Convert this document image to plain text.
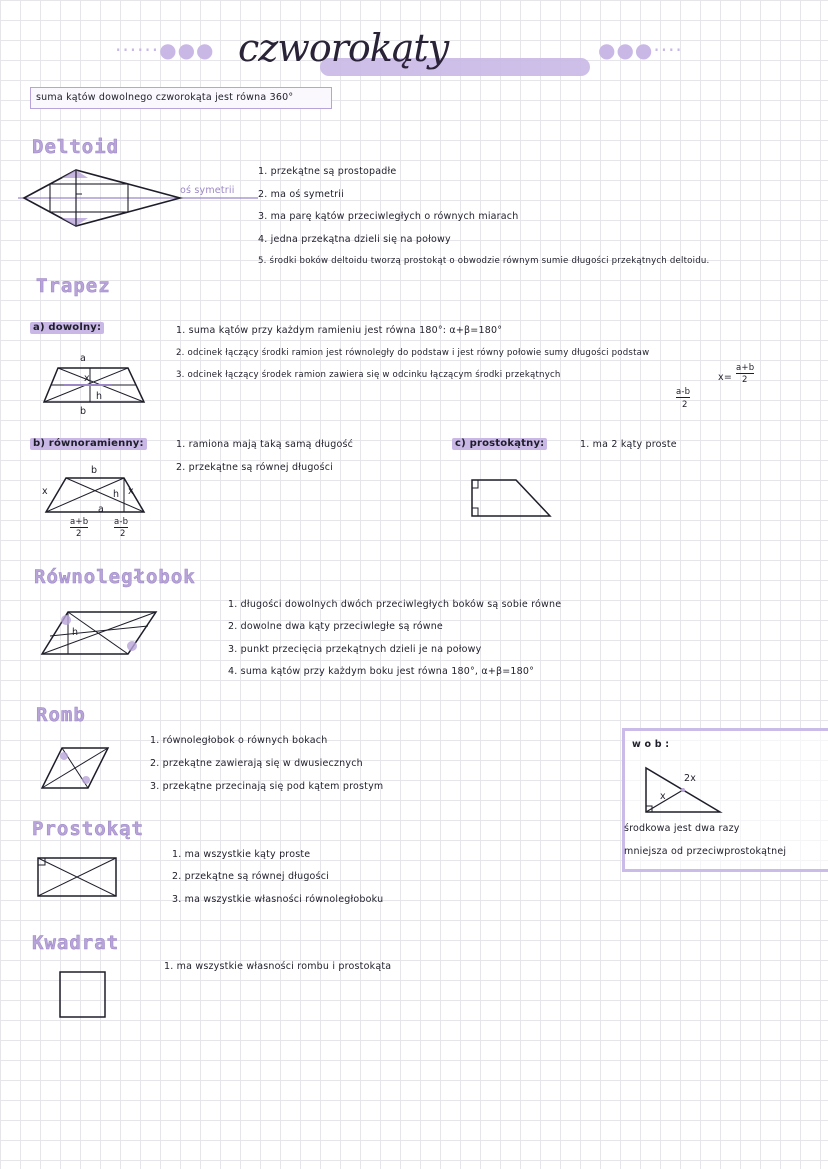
······●●● czworokąty	●●●····
suma kątów dowolnego czworokąta jest równa 360°
Deltoid
oś symetrii
1. przekątne są prostopadłe
2. ma oś symetrii
3. ma parę kątów przeciwległych o równych miarach
4. jedna przekątna dzieli się na połowy
5. środki boków deltoidu tworzą prostokąt o obwodzie równym sumie długości przekątnych deltoidu.
Trapez
a) dowolny:
a
x
h
b
1. suma kątów przy każdym ramieniu jest równa 180°: α+β=180°
2. odcinek łączący środki ramion jest równoległy do podstaw i jest równy połowie sumy długości podstaw
3. odcinek łączący środek ramion zawiera się w odcinku łączącym środki przekątnych	x=
a+b
2
a-b
2
b) równoramienny:
b
x	h x
a
a+b
2
a-b
2
1. ramiona mają taką samą długość
2. przekątne są równej długości
c) prostokątny:	1. ma 2 kąty proste
Równoległobok
h
1. długości dowolnych dwóch przeciwległych boków są sobie równe
2. dowolne dwa kąty przeciwległe są równe
3. punkt przecięcia przekątnych dzieli je na połowy
4. suma kątów przy każdym boku jest równa 180°, α+β=180°
Romb
1. równoległobok o równych bokach
2. przekątne zawierają się w dwusiecznych
3. przekątne przecinają się pod kątem prostym
Prostokąt
1. ma wszystkie kąty proste
2. przekątne są równej długości
3. ma wszystkie własności równoległoboku
Kwadrat
1. ma wszystkie własności rombu i prostokąta
w o b :
2x
x
środkowa jest dwa razy
mniejsza od przeciwprostokątnej
